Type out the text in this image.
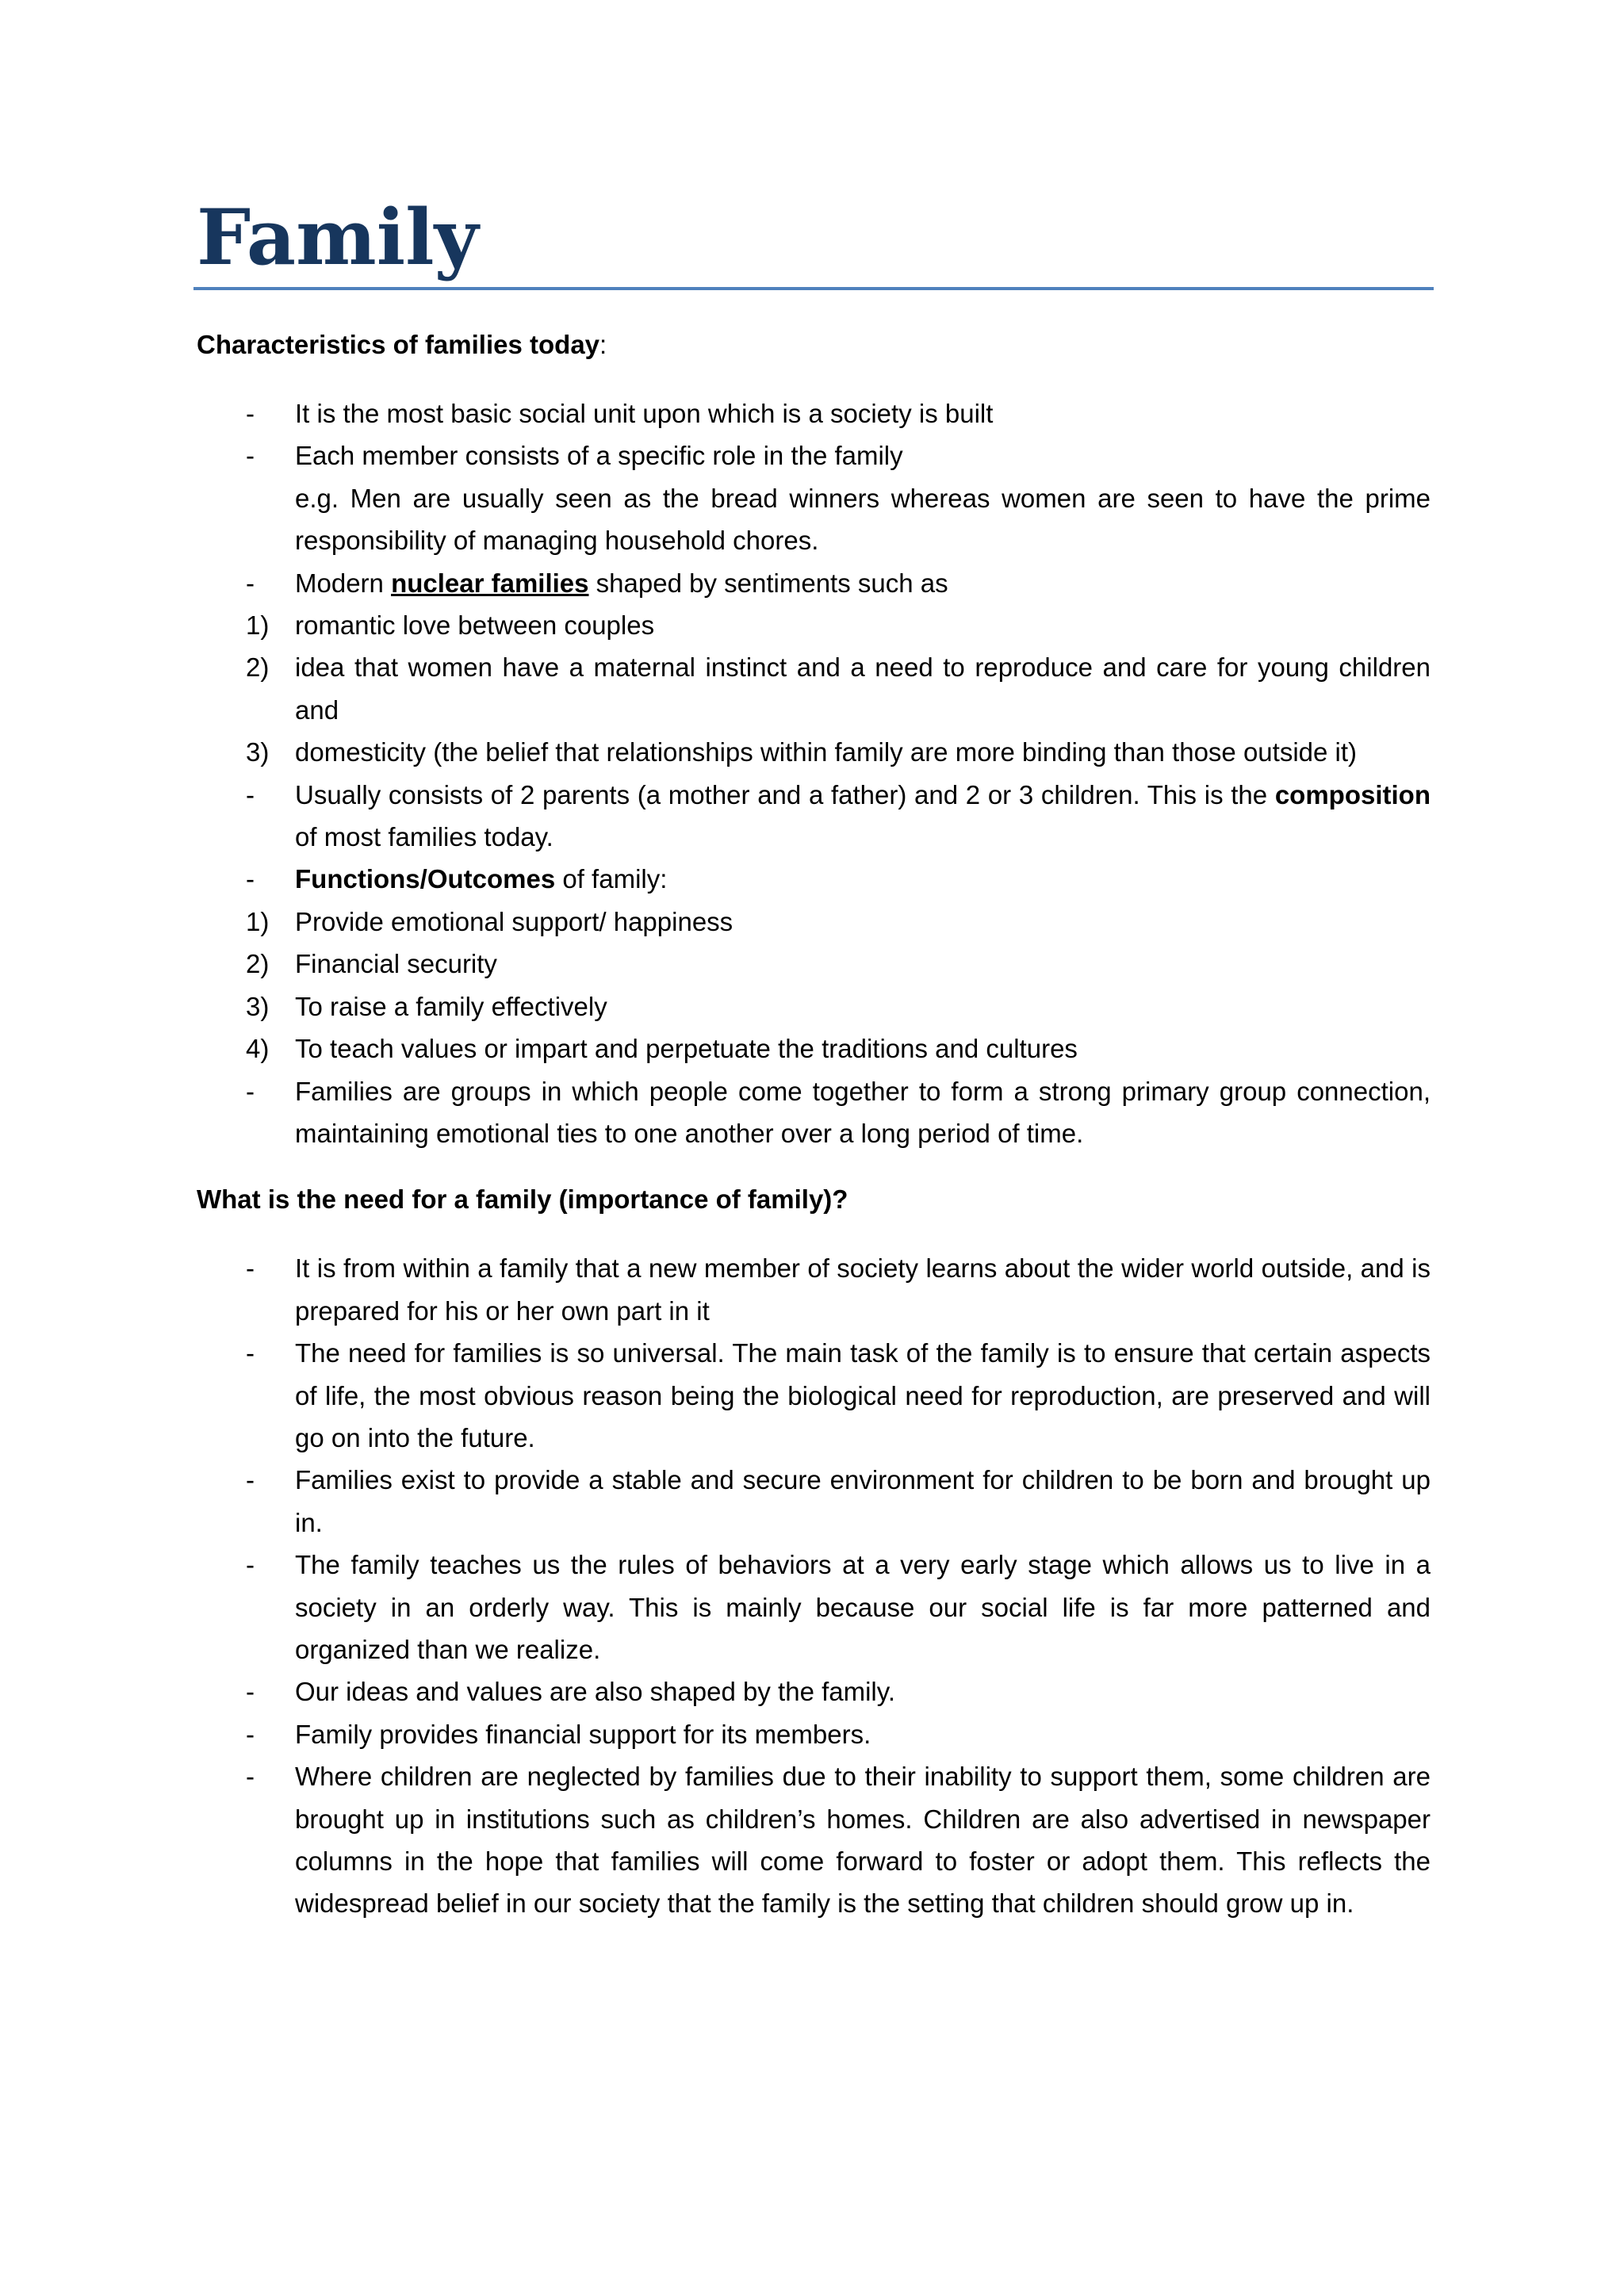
Family

Characteristics of families today:

- It is the most basic social unit upon which is a society is built
- Each member consists of a specific role in the family

e.g. Men are usually seen as the bread winners whereas women are seen to have the prime responsibility of managing household chores.

- Modern nuclear families shaped by sentiments such as
1) romantic love between couples
2) idea that women have a maternal instinct and a need to reproduce and care for young children and
3) domesticity (the belief that relationships within family are more binding than those outside it)
- Usually consists of 2 parents (a mother and a father) and 2 or 3 children. This is the composition of most families today.
- Functions/Outcomes of family:
1) Provide emotional support/ happiness
2) Financial security
3) To raise a family effectively
4) To teach values or impart and perpetuate the traditions and cultures
- Families are groups in which people come together to form a strong primary group connection, maintaining emotional ties to one another over a long period of time.

What is the need for a family (importance of family)?

- It is from within a family that a new member of society learns about the wider world outside, and is prepared for his or her own part in it
- The need for families is so universal. The main task of the family is to ensure that certain aspects of life, the most obvious reason being the biological need for reproduction, are preserved and will go on into the future.
- Families exist to provide a stable and secure environment for children to be born and brought up in.
- The family teaches us the rules of behaviors at a very early stage which allows us to live in a society in an orderly way. This is mainly because our social life is far more patterned and organized than we realize.
- Our ideas and values are also shaped by the family.
- Family provides financial support for its members.
- Where children are neglected by families due to their inability to support them, some children are brought up in institutions such as children’s homes. Children are also advertised in newspaper columns in the hope that families will come forward to foster or adopt them. This reflects the widespread belief in our society that the family is the setting that children should grow up in.
